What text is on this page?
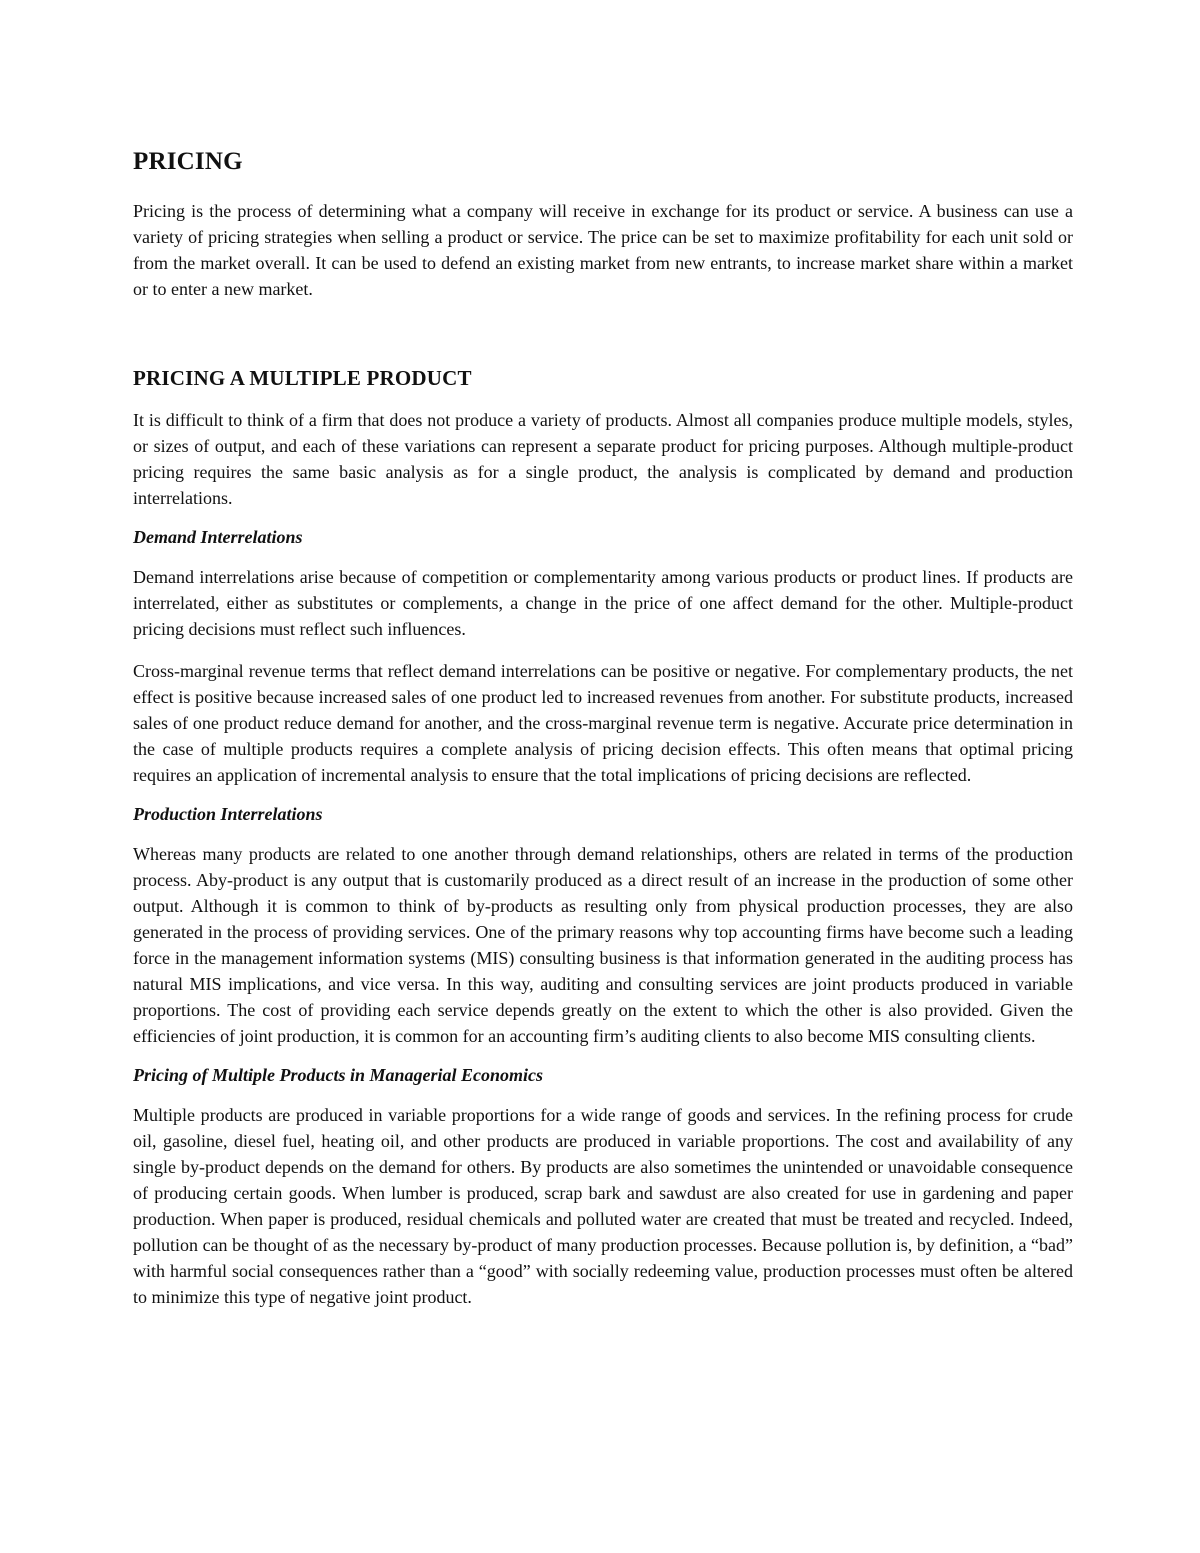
PRICING

Pricing is the process of determining what a company will receive in exchange for its product or service. A business can use a variety of pricing strategies when selling a product or service. The price can be set to maximize profitability for each unit sold or from the market overall. It can be used to defend an existing market from new entrants, to increase market share within a market or to enter a new market.

PRICING A MULTIPLE PRODUCT

It is difficult to think of a firm that does not produce a variety of products. Almost all companies produce multiple models, styles, or sizes of output, and each of these variations can represent a separate product for pricing purposes. Although multiple-product pricing requires the same basic analysis as for a single product, the analysis is complicated by demand and production interrelations.

Demand Interrelations

Demand interrelations arise because of competition or complementarity among various products or product lines. If products are interrelated, either as substitutes or complements, a change in the price of one affect demand for the other. Multiple-product pricing decisions must reflect such influences.

Cross-marginal revenue terms that reflect demand interrelations can be positive or negative. For complementary products, the net effect is positive because increased sales of one product led to increased revenues from another. For substitute products, increased sales of one product reduce demand for another, and the cross-marginal revenue term is negative. Accurate price determination in the case of multiple products requires a complete analysis of pricing decision effects. This often means that optimal pricing requires an application of incremental analysis to ensure that the total implications of pricing decisions are reflected.

Production Interrelations

Whereas many products are related to one another through demand relationships, others are related in terms of the production process. Aby-product is any output that is customarily produced as a direct result of an increase in the production of some other output. Although it is common to think of by-products as resulting only from physical production processes, they are also generated in the process of providing services. One of the primary reasons why top accounting firms have become such a leading force in the management information systems (MIS) consulting business is that information generated in the auditing process has natural MIS implications, and vice versa. In this way, auditing and consulting services are joint products produced in variable proportions. The cost of providing each service depends greatly on the extent to which the other is also provided. Given the efficiencies of joint production, it is common for an accounting firm’s auditing clients to also become MIS consulting clients.

Pricing of Multiple Products in Managerial Economics

Multiple products are produced in variable proportions for a wide range of goods and services. In the refining process for crude oil, gasoline, diesel fuel, heating oil, and other products are produced in variable proportions. The cost and availability of any single by-product depends on the demand for others. By products are also sometimes the unintended or unavoidable consequence of producing certain goods. When lumber is produced, scrap bark and sawdust are also created for use in gardening and paper production. When paper is produced, residual chemicals and polluted water are created that must be treated and recycled. Indeed, pollution can be thought of as the necessary by-product of many production processes. Because pollution is, by definition, a “bad” with harmful social consequences rather than a “good” with socially redeeming value, production processes must often be altered to minimize this type of negative joint product.
